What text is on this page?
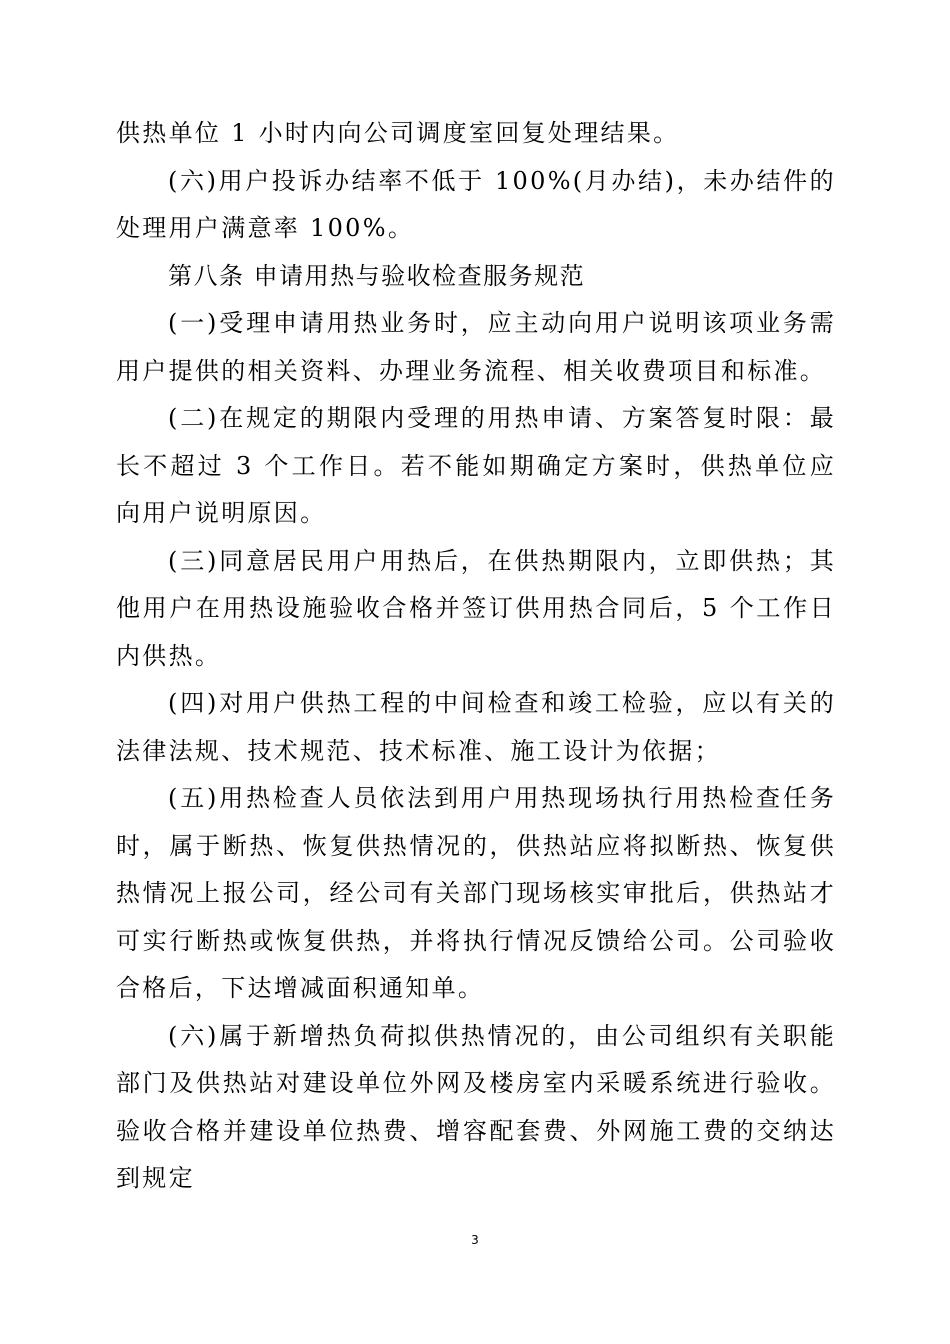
供热单位 1 小时内向公司调度室回复处理结果。

(六)用户投诉办结率不低于 100%(月办结)，未办结件的处理用户满意率 100%。

第八条 申请用热与验收检查服务规范

(一)受理申请用热业务时，应主动向用户说明该项业务需用户提供的相关资料、办理业务流程、相关收费项目和标准。

(二)在规定的期限内受理的用热申请、方案答复时限：最长不超过 3 个工作日。若不能如期确定方案时，供热单位应向用户说明原因。

(三)同意居民用户用热后，在供热期限内，立即供热；其他用户在用热设施验收合格并签订供用热合同后，5 个工作日内供热。

(四)对用户供热工程的中间检查和竣工检验，应以有关的法律法规、技术规范、技术标准、施工设计为依据；

(五)用热检查人员依法到用户用热现场执行用热检查任务时，属于断热、恢复供热情况的，供热站应将拟断热、恢复供热情况上报公司，经公司有关部门现场核实审批后，供热站才可实行断热或恢复供热，并将执行情况反馈给公司。公司验收合格后，下达增减面积通知单。

(六)属于新增热负荷拟供热情况的，由公司组织有关职能部门及供热站对建设单位外网及楼房室内采暖系统进行验收。验收合格并建设单位热费、增容配套费、外网施工费的交纳达到规定

3
